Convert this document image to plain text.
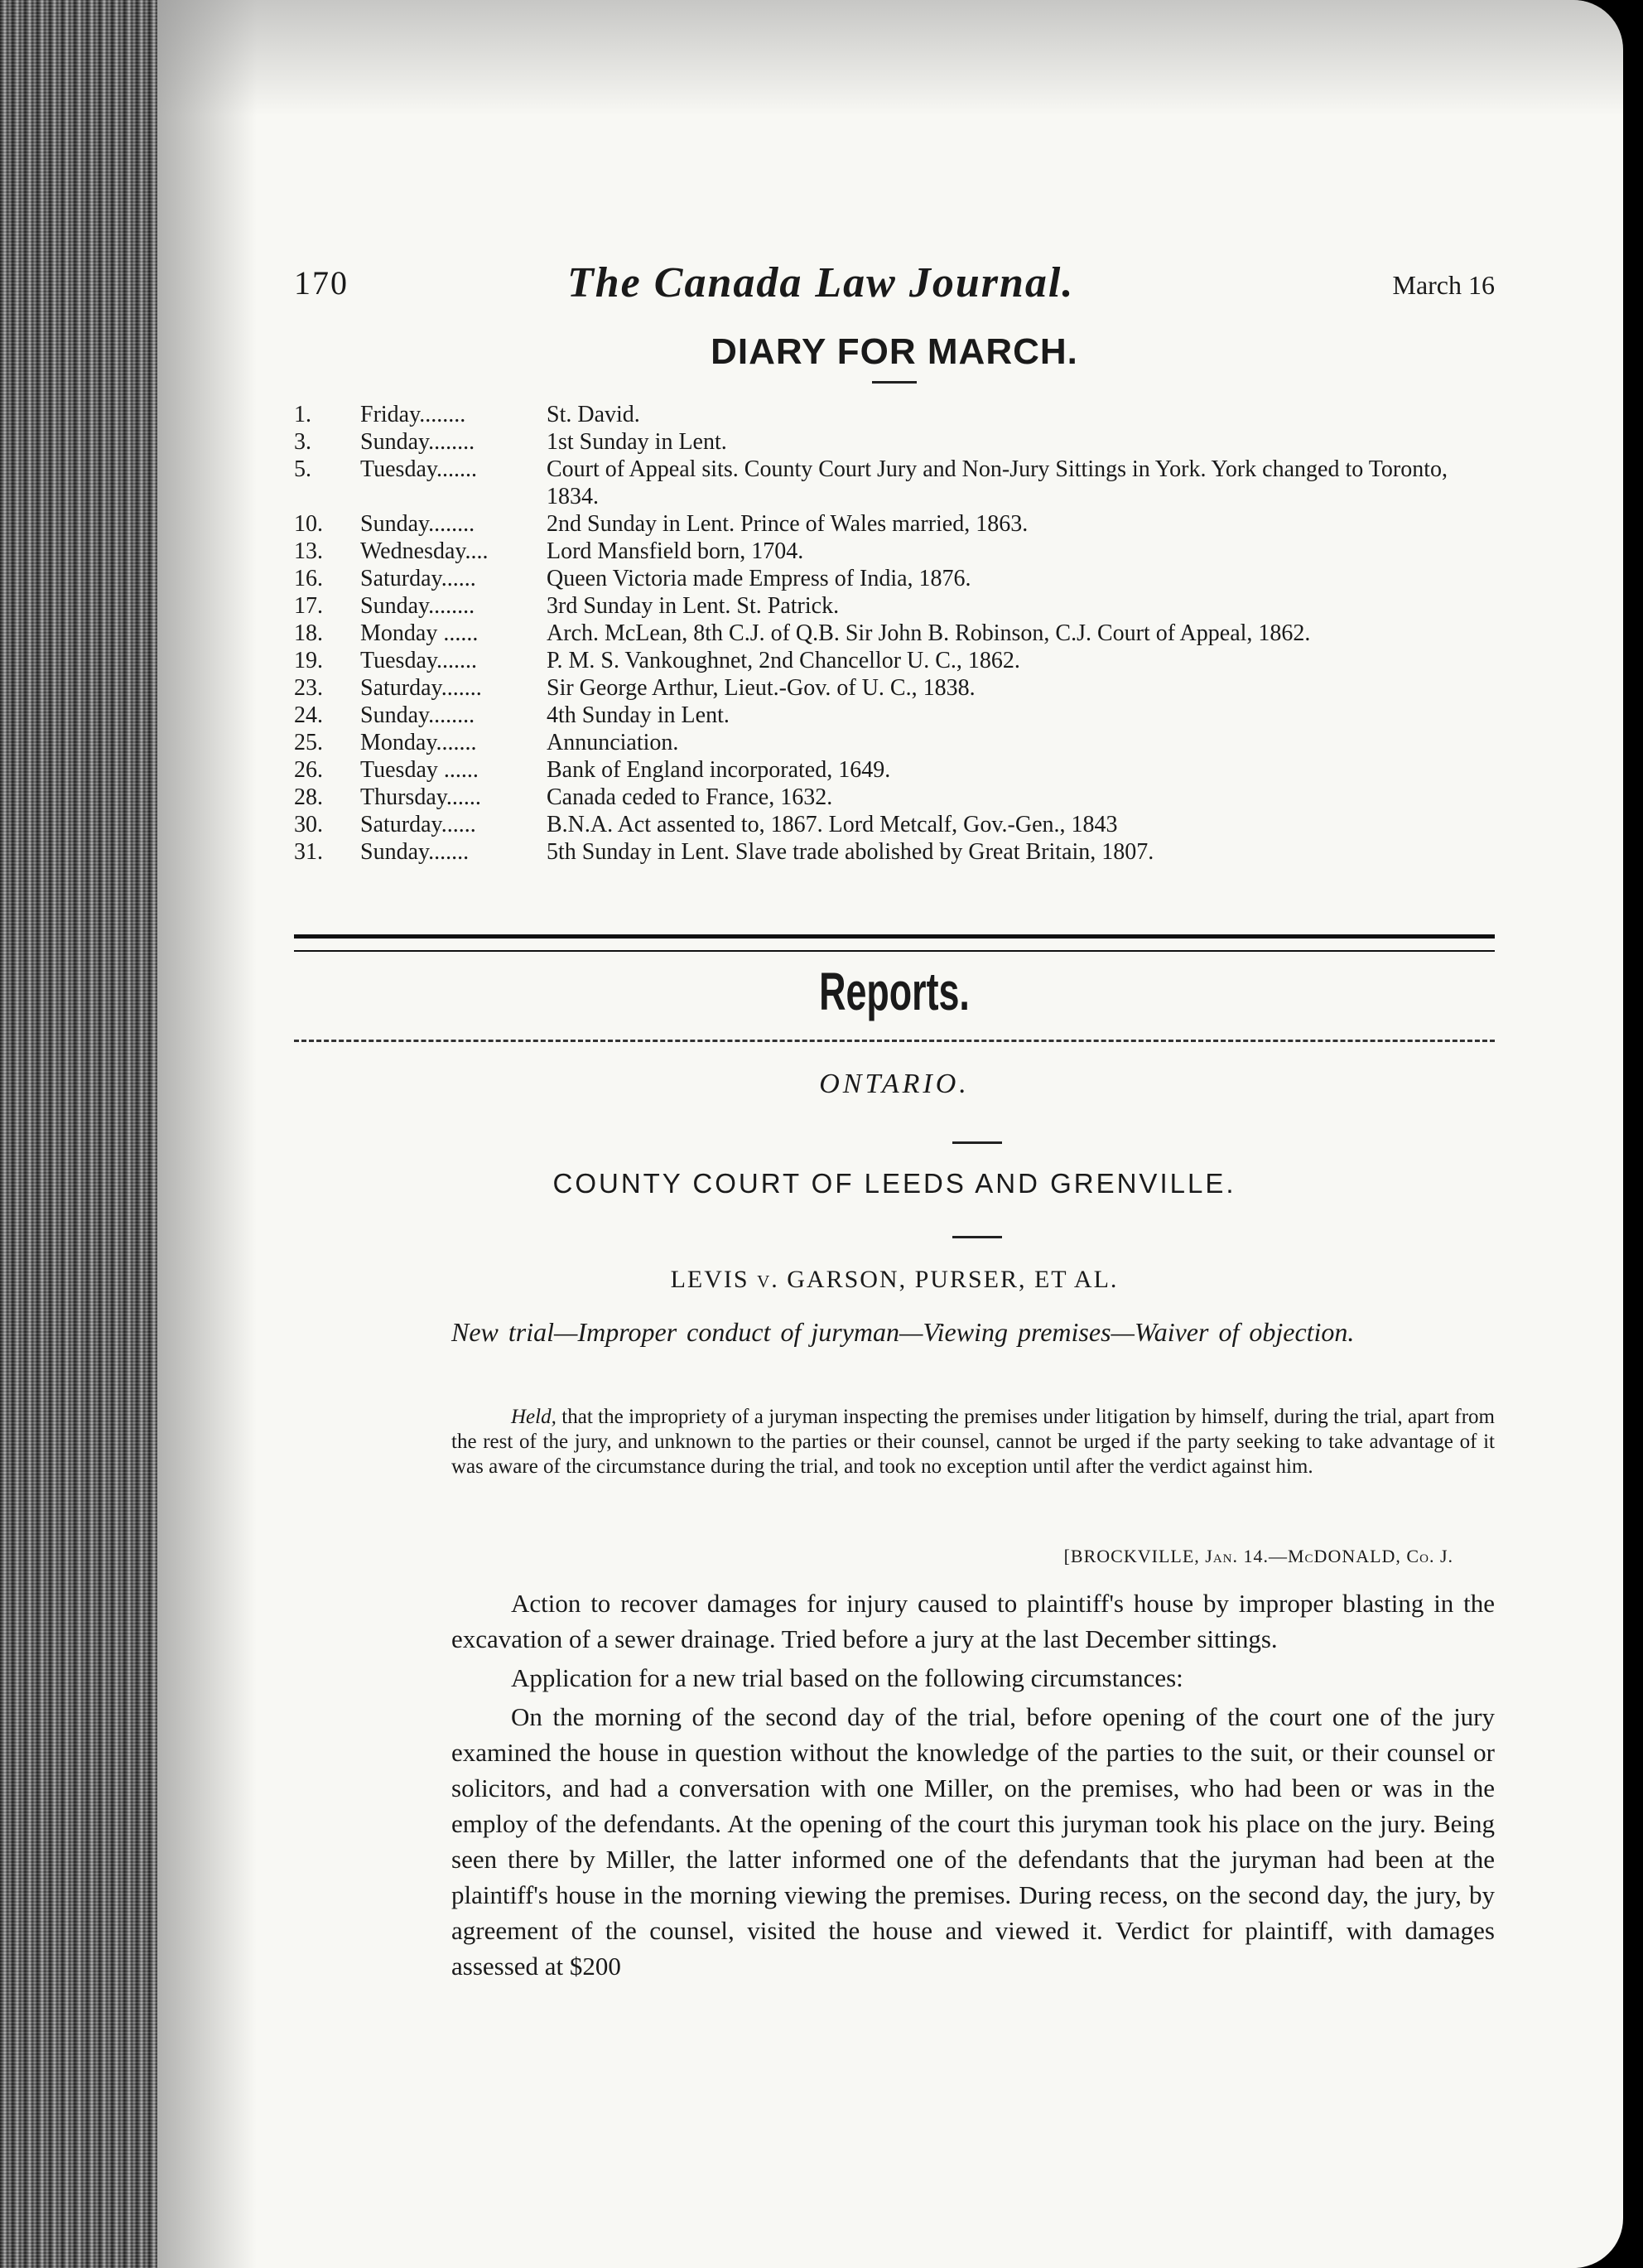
170	The Canada Law Journal.	March 16
DIARY FOR MARCH.
1.	Friday........	St. David.
3.	Sunday........	1st Sunday in Lent.
5.	Tuesday.......	Court of Appeal sits. County Court Jury and Non-Jury Sittings in York. York changed to Toronto, 1834.
10.	Sunday........	2nd Sunday in Lent. Prince of Wales married, 1863.
13.	Wednesday....	Lord Mansfield born, 1704.
16.	Saturday......	Queen Victoria made Empress of India, 1876.
17.	Sunday........	3rd Sunday in Lent. St. Patrick.
18.	Monday ......	Arch. McLean, 8th C.J. of Q.B. Sir John B. Robinson, C.J. Court of Appeal, 1862.
19.	Tuesday.......	P. M. S. Vankoughnet, 2nd Chancellor U. C., 1862.
23.	Saturday.......	Sir George Arthur, Lieut.-Gov. of U. C., 1838.
24.	Sunday........	4th Sunday in Lent.
25.	Monday.......	Annunciation.
26.	Tuesday ......	Bank of England incorporated, 1649.
28.	Thursday......	Canada ceded to France, 1632.
30.	Saturday......	B.N.A. Act assented to, 1867. Lord Metcalf, Gov.-Gen., 1843
31.	Sunday.......	5th Sunday in Lent. Slave trade abolished by Great Britain, 1807.
Reports.
ONTARIO.
COUNTY COURT OF LEEDS AND GRENVILLE.
LEVIS v. GARSON, PURSER, ET AL.
New trial—Improper conduct of juryman—Viewing premises—Waiver of objection.
Held, that the impropriety of a juryman inspecting the premises under litigation by himself, during the trial, apart from the rest of the jury, and unknown to the parties or their counsel, cannot be urged if the party seeking to take advantage of it was aware of the circumstance during the trial, and took no exception until after the verdict against him.
[BROCKVILLE, Jan. 14.—McDONALD, Co. J.

Action to recover damages for injury caused to plaintiff's house by improper blasting in the excavation of a sewer drainage. Tried before a jury at the last December sittings.

Application for a new trial based on the following circumstances:

On the morning of the second day of the trial, before opening of the court one of the jury examined the house in question without the knowledge of the parties to the suit, or their counsel or solicitors, and had a conversation with one Miller, on the premises, who had been or was in the employ of the defendants. At the opening of the court this juryman took his place on the jury. Being seen there by Miller, the latter informed one of the defendants that the juryman had been at the plaintiff's house in the morning viewing the premises. During recess, on the second day, the jury, by agreement of the counsel, visited the house and viewed it. Verdict for plaintiff, with damages assessed at $200
